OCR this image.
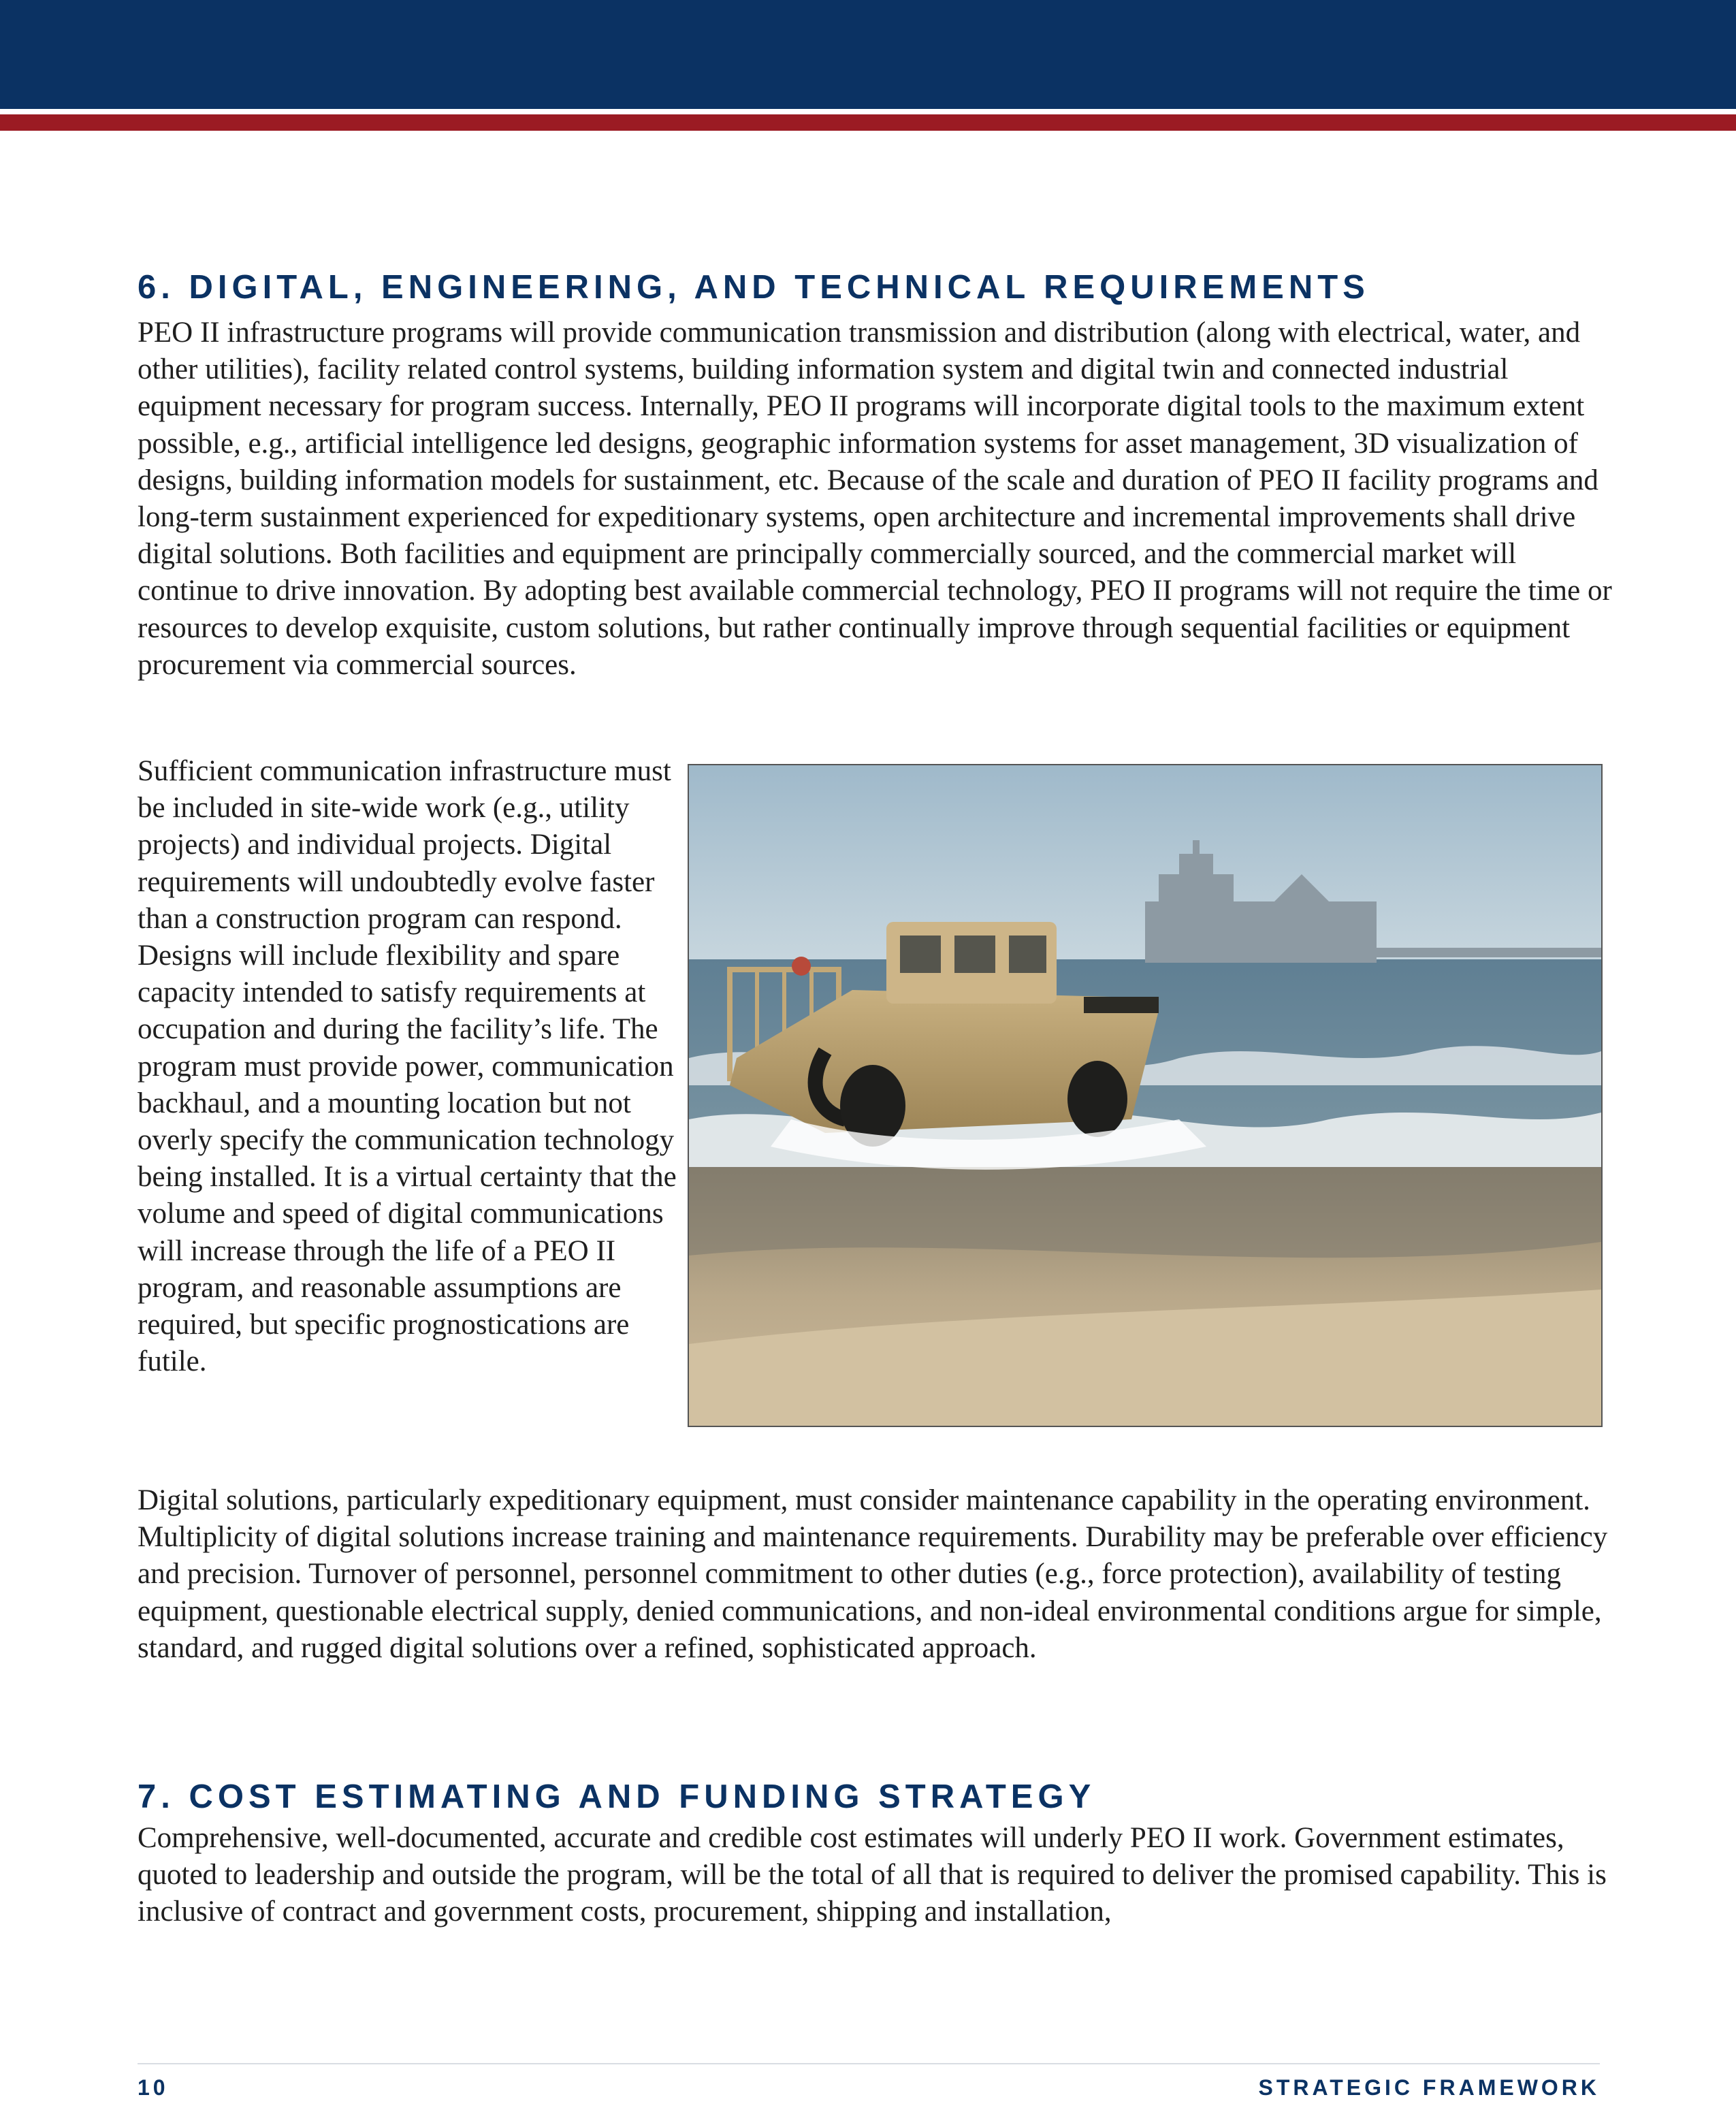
6. DIGITAL, ENGINEERING, AND TECHNICAL REQUIREMENTS

PEO II infrastructure programs will provide communication transmission and distribution (along with electrical, water, and other utilities), facility related control systems, building information system and digital twin and connected industrial equipment necessary for program success. Internally, PEO II programs will incorporate digital tools to the maximum extent possible, e.g., artificial intelligence led designs, geographic information systems for asset management, 3D visualization of designs, building information models for sustainment, etc. Because of the scale and duration of PEO II facility programs and long-term sustainment experienced for expeditionary systems, open architecture and incremental improvements shall drive digital solutions. Both facilities and equipment are principally commercially sourced, and the commercial market will continue to drive innovation. By adopting best available commercial technology, PEO II programs will not require the time or resources to develop exquisite, custom solutions, but rather continually improve through sequential facilities or equipment procurement via commercial sources.

Sufficient communication infrastructure must be included in site-wide work (e.g., utility projects) and individual projects. Digital requirements will undoubtedly evolve faster than a construction program can respond. Designs will include flexibility and spare capacity intended to satisfy requirements at occupation and during the facility’s life. The program must provide power, communication backhaul, and a mounting location but not overly specify the communication technology being installed. It is a virtual certainty that the volume and speed of digital communications will increase through the life of a PEO II program, and reasonable assumptions are required, but specific prognostications are futile.

Digital solutions, particularly expeditionary equipment, must consider maintenance capability in the operating environment. Multiplicity of digital solutions increase training and maintenance requirements. Durability may be preferable over efficiency and precision. Turnover of personnel, personnel commitment to other duties (e.g., force protection), availability of testing equipment, questionable electrical supply, denied communications, and non-ideal environmental conditions argue for simple, standard, and rugged digital solutions over a refined, sophisticated approach.

7. COST ESTIMATING AND FUNDING STRATEGY

Comprehensive, well-documented, accurate and credible cost estimates will underly PEO II work. Government estimates, quoted to leadership and outside the program, will be the total of all that is required to deliver the promised capability. This is inclusive of contract and government costs, procurement, shipping and installation,

10	STRATEGIC FRAMEWORK
